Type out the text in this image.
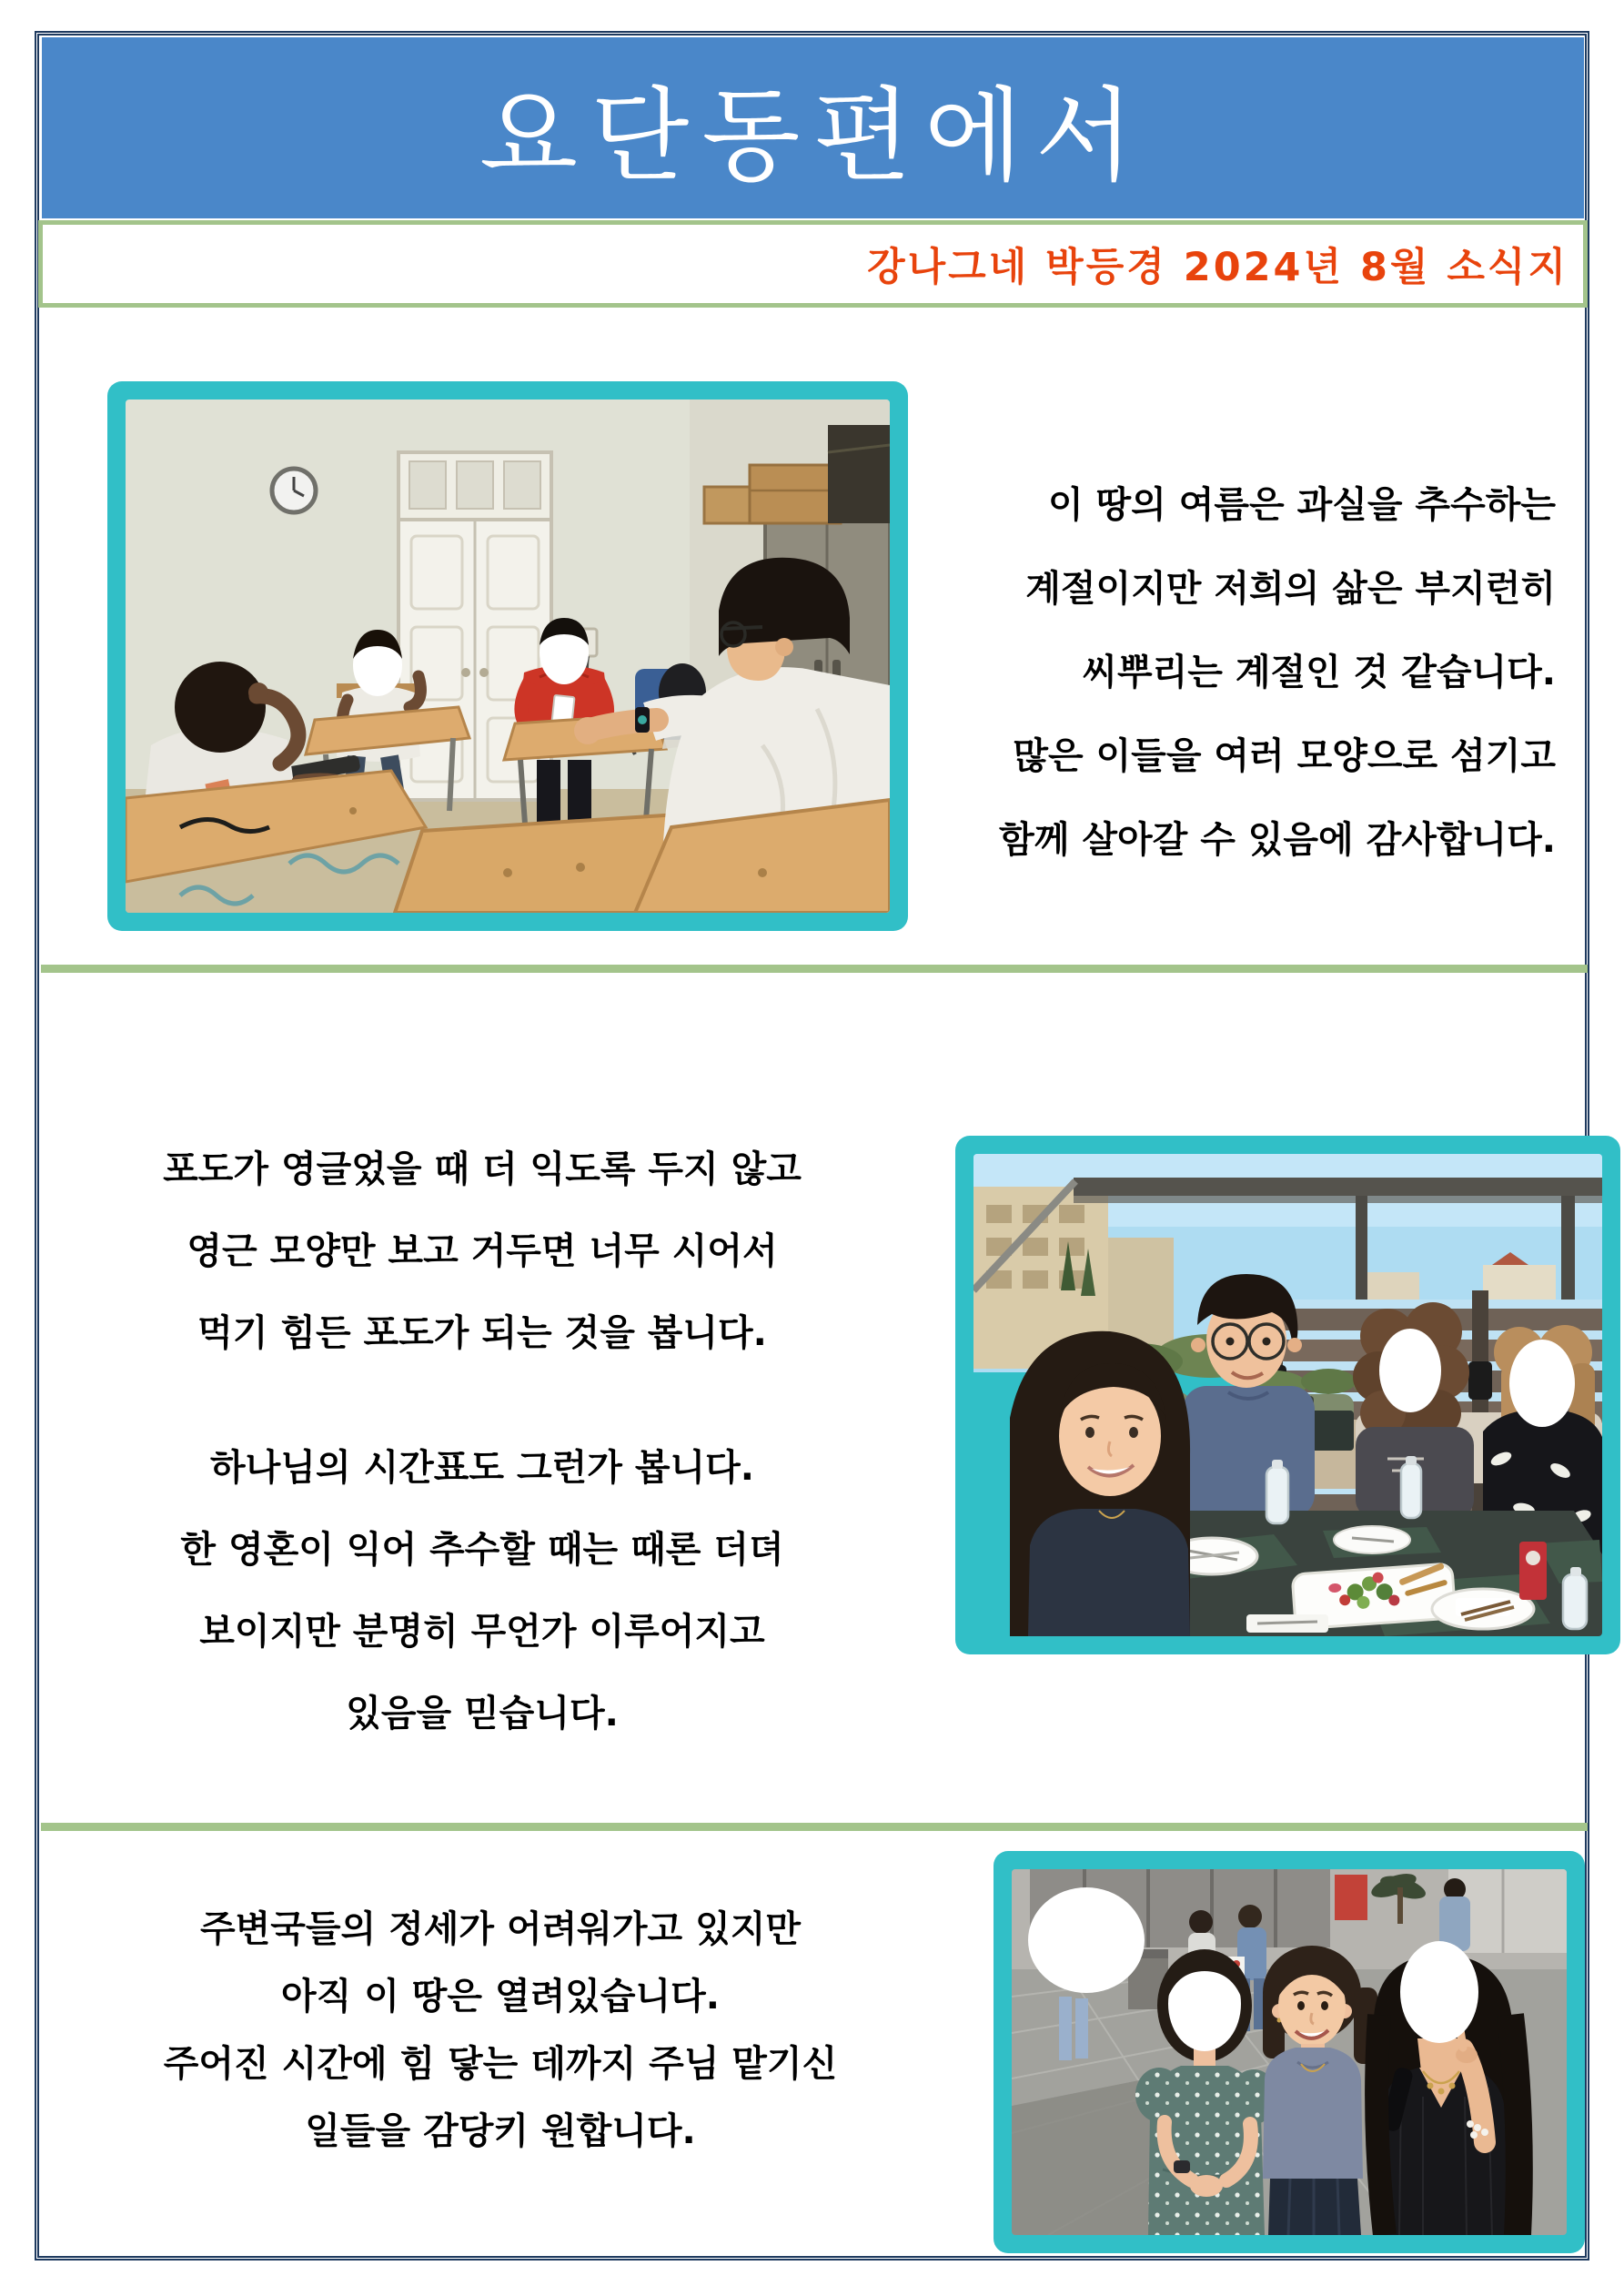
요단동편에서

강나그네 박등경 2024년 8월 소식지

이 땅의 여름은 과실을 추수하는

계절이지만 저희의 삶은 부지런히

씨뿌리는 계절인 것 같습니다.

많은 이들을 여러 모양으로 섬기고

함께 살아갈 수 있음에 감사합니다.

포도가 영글었을 때 더 익도록 두지 않고

영근 모양만 보고 거두면 너무 시어서

먹기 힘든 포도가 되는 것을 봅니다.

하나님의 시간표도 그런가 봅니다.

한 영혼이 익어 추수할 때는 때론 더뎌

보이지만 분명히 무언가 이루어지고

있음을 믿습니다.

주변국들의 정세가 어려워가고 있지만

아직 이 땅은 열려있습니다.

주어진 시간에 힘 닿는 데까지 주님 맡기신

일들을 감당키 원합니다.
